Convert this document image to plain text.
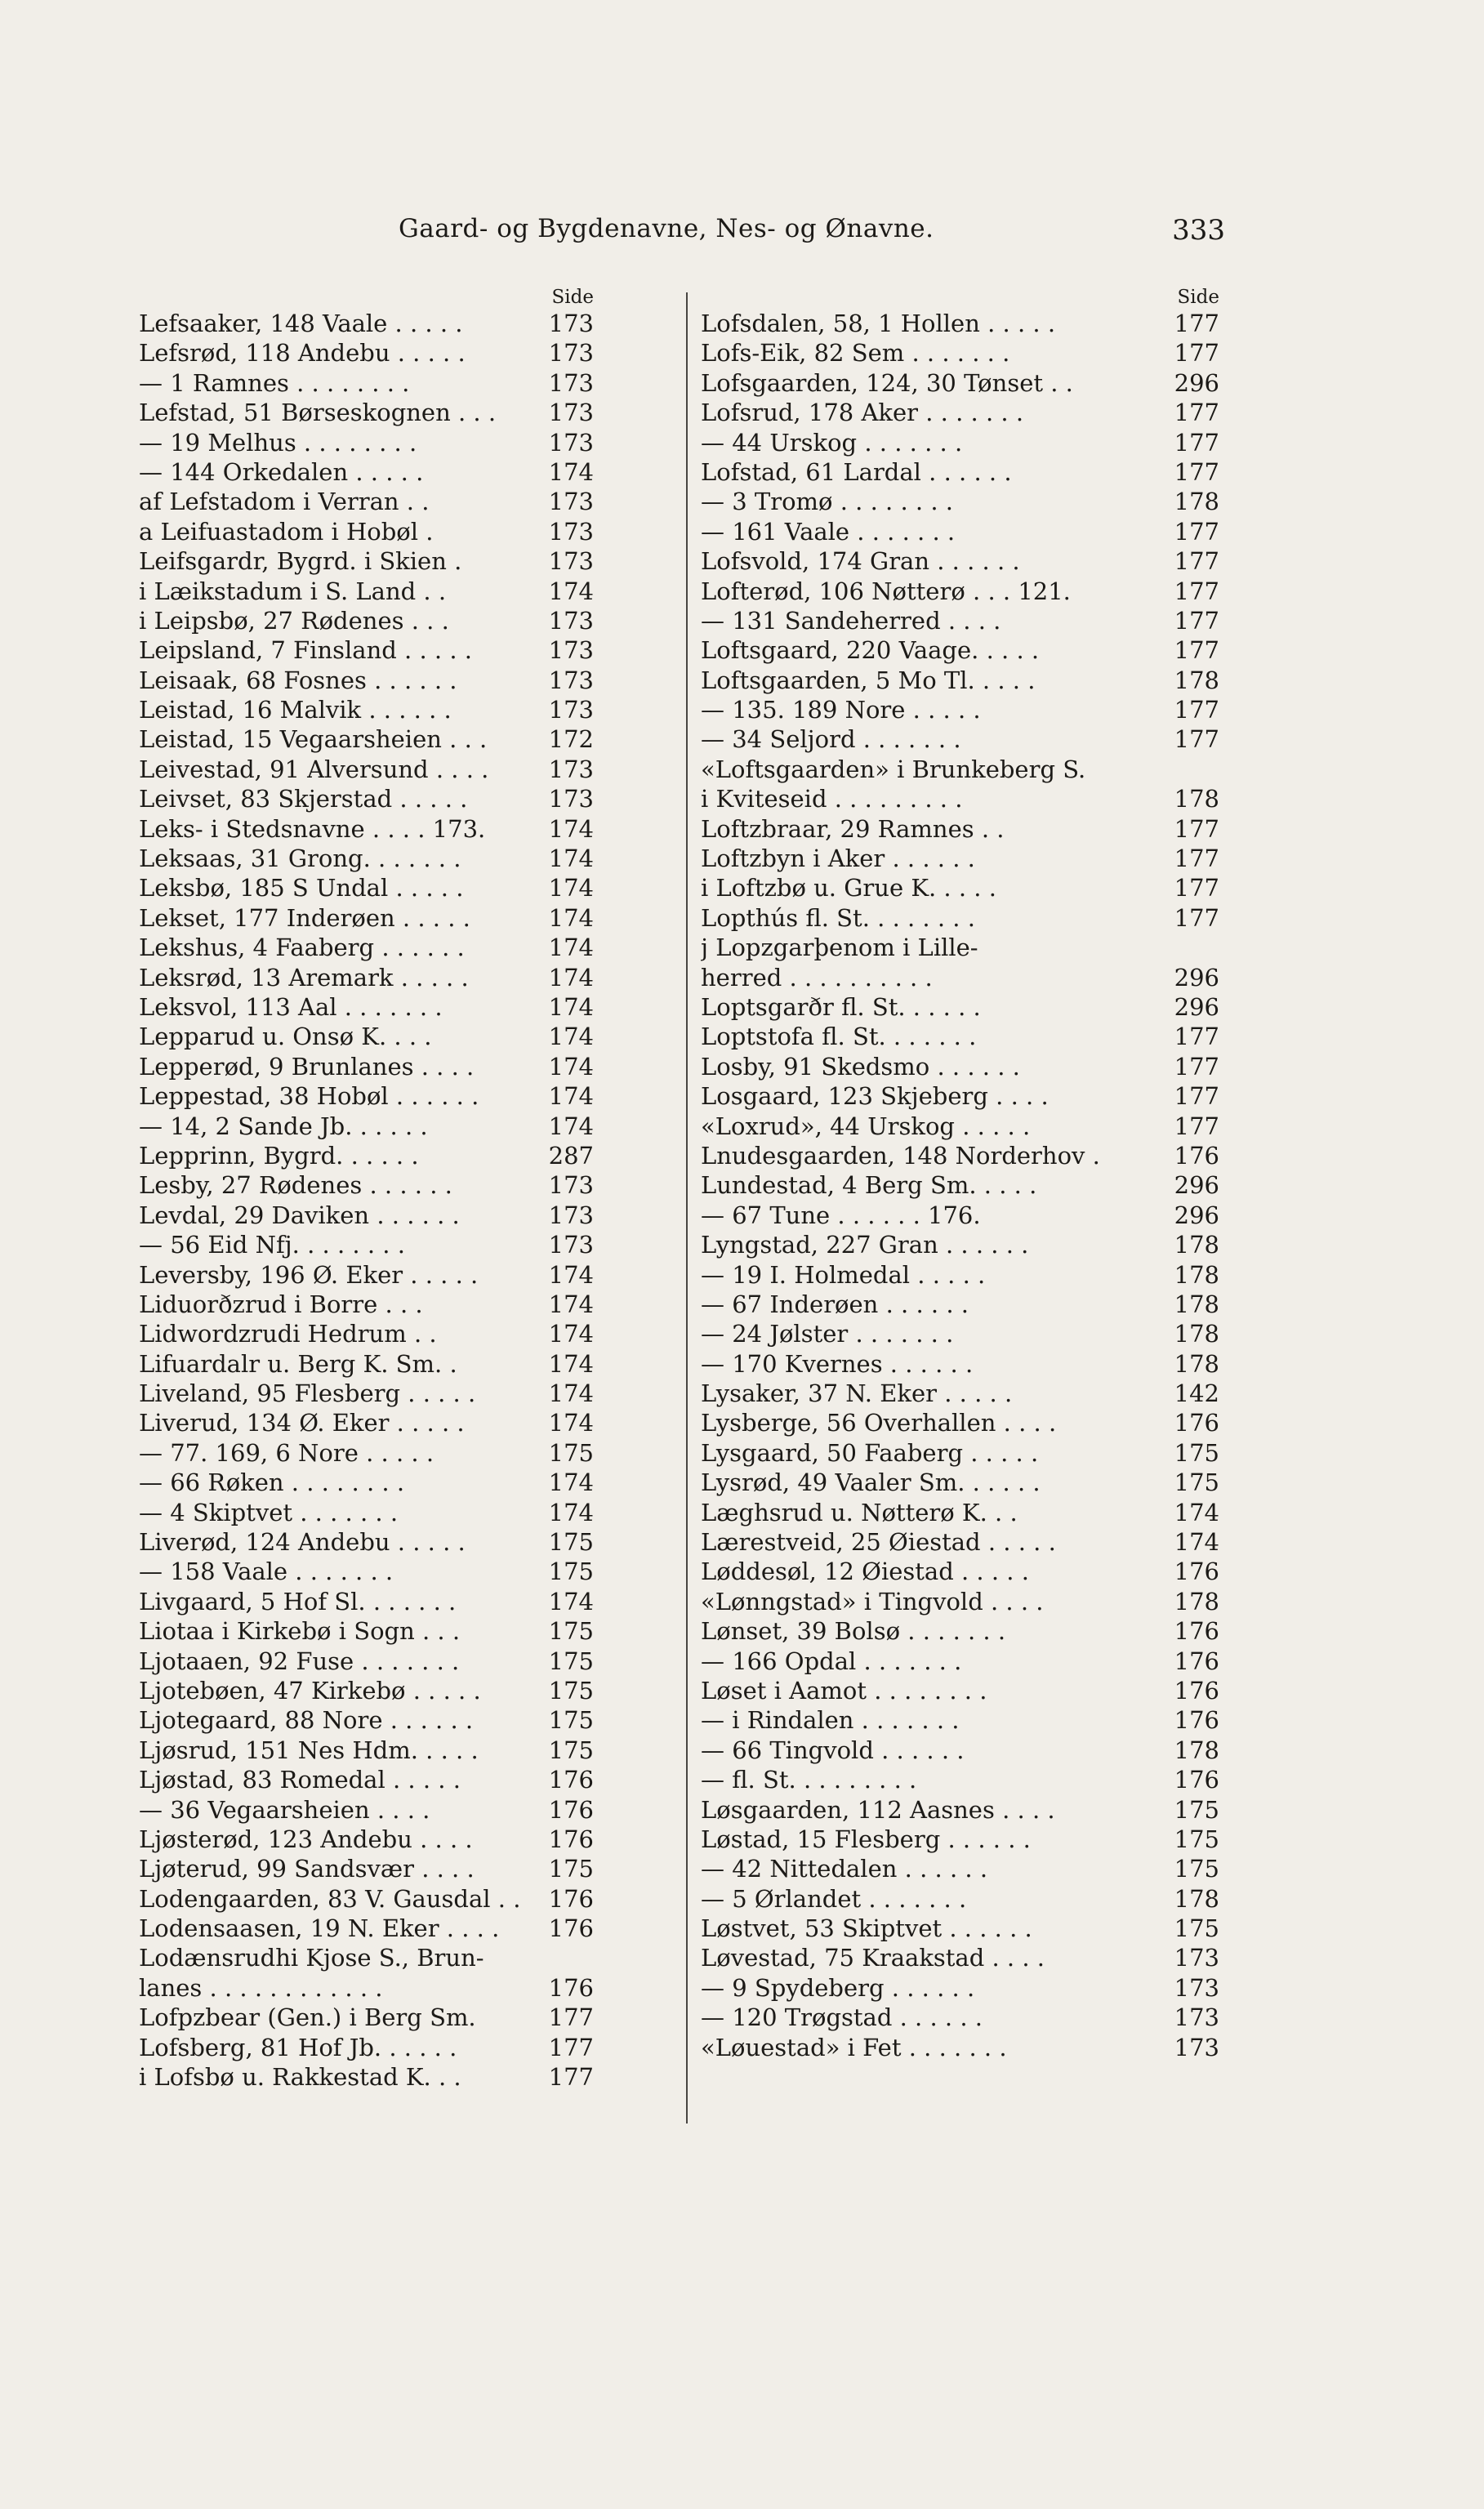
Gaard- og Bygdenavne, Nes- og Ønavne.	333
Side
Lefsaaker, 148 Vaale . . . . .	173
Lefsrød, 118 Andebu . . . . .	173
— 1 Ramnes . . . . . . . .	173
Lefstad, 51 Børseskognen . . .	173
— 19 Melhus . . . . . . . .	173
— 144 Orkedalen . . . . .	174
af Lefstadom i Verran . .	173
a Leifuastadom i Hobøl .	173
Leifsgardr, Bygrd. i Skien .	173
i Læikstadum i S. Land . .	174
i Leipsbø, 27 Rødenes . . .	173
Leipsland, 7 Finsland . . . . .	173
Leisaak, 68 Fosnes . . . . . .	173
Leistad, 16 Malvik . . . . . .	173
Leistad, 15 Vegaarsheien . . .	172
Leivestad, 91 Alversund . . . .	173
Leivset, 83 Skjerstad . . . . .	173
Leks- i Stedsnavne . . . . 173.	174
Leksaas, 31 Grong. . . . . . .	174
Leksbø, 185 S Undal . . . . .	174
Lekset, 177 Inderøen . . . . .	174
Lekshus, 4 Faaberg . . . . . .	174
Leksrød, 13 Aremark . . . . .	174
Leksvol, 113 Aal . . . . . . .	174
Lepparud u. Onsø K. . . .	174
Lepperød, 9 Brunlanes . . . .	174
Leppestad, 38 Hobøl . . . . . .	174
— 14, 2 Sande Jb. . . . . .	174
Lepprinn, Bygrd. . . . . .	287
Lesby, 27 Rødenes . . . . . .	173
Levdal, 29 Daviken . . . . . .	173
— 56 Eid Nfj. . . . . . . .	173
Leversby, 196 Ø. Eker . . . . .	174
Liduorðzrud i Borre . . .	174
Lidwordzrudi Hedrum . .	174
Lifuardalr u. Berg K. Sm. .	174
Liveland, 95 Flesberg . . . . .	174
Liverud, 134 Ø. Eker . . . . .	174
— 77. 169, 6 Nore . . . . .	175
— 66 Røken . . . . . . . .	174
— 4 Skiptvet . . . . . . .	174
Liverød, 124 Andebu . . . . .	175
— 158 Vaale . . . . . . .	175
Livgaard, 5 Hof Sl. . . . . . .	174
Liotaa i Kirkebø i Sogn . . .	175
Ljotaaen, 92 Fuse . . . . . . .	175
Ljotebøen, 47 Kirkebø . . . . .	175
Ljotegaard, 88 Nore . . . . . .	175
Ljøsrud, 151 Nes Hdm. . . . .	175
Ljøstad, 83 Romedal . . . . .	176
— 36 Vegaarsheien . . . .	176
Ljøsterød, 123 Andebu . . . .	176
Ljøterud, 99 Sandsvær . . . .	175
Lodengaarden, 83 V. Gausdal . .	176
Lodensaasen, 19 N. Eker . . . .	176
Lodænsrudhi Kjose S., Brun-
lanes . . . . . . . . . . . .	176
Lofpzbear (Gen.) i Berg Sm.	177
Lofsberg, 81 Hof Jb. . . . . .	177
i Lofsbø u. Rakkestad K. . .	177
Side
Lofsdalen, 58, 1 Hollen . . . . .	177
Lofs-Eik, 82 Sem . . . . . . .	177
Lofsgaarden, 124, 30 Tønset . .	296
Lofsrud, 178 Aker . . . . . . .	177
— 44 Urskog . . . . . . .	177
Lofstad, 61 Lardal . . . . . .	177
— 3 Tromø . . . . . . . .	178
— 161 Vaale . . . . . . .	177
Lofsvold, 174 Gran . . . . . .	177
Lofterød, 106 Nøtterø . . . 121.	177
— 131 Sandeherred . . . .	177
Loftsgaard, 220 Vaage. . . . .	177
Loftsgaarden, 5 Mo Tl. . . . .	178
— 135. 189 Nore . . . . .	177
— 34 Seljord . . . . . . .	177
«Loftsgaarden» i Brunkeberg S.
i Kviteseid . . . . . . . . .	178
Loftzbraar, 29 Ramnes . .	177
Loftzbyn i Aker . . . . . .	177
i Loftzbø u. Grue K. . . . .	177
Lopthús fl. St. . . . . . . .	177
j Lopzgarþenom i Lille-
herred . . . . . . . . . .	296
Loptsgarðr fl. St. . . . . .	296
Loptstofa fl. St. . . . . . .	177
Losby, 91 Skedsmo . . . . . .	177
Losgaard, 123 Skjeberg . . . .	177
«Loxrud», 44 Urskog . . . . .	177
Lnudesgaarden, 148 Norderhov .	176
Lundestad, 4 Berg Sm. . . . .	296
— 67 Tune . . . . . . 176.	296
Lyngstad, 227 Gran . . . . . .	178
— 19 I. Holmedal . . . . .	178
— 67 Inderøen . . . . . .	178
— 24 Jølster . . . . . . .	178
— 170 Kvernes . . . . . .	178
Lysaker, 37 N. Eker . . . . .	142
Lysberge, 56 Overhallen . . . .	176
Lysgaard, 50 Faaberg . . . . .	175
Lysrød, 49 Vaaler Sm. . . . . .	175
Læghsrud u. Nøtterø K. . .	174
Lærestveid, 25 Øiestad . . . . .	174
Løddesøl, 12 Øiestad . . . . .	176
«Lønngstad» i Tingvold . . . .	178
Lønset, 39 Bolsø . . . . . . .	176
— 166 Opdal . . . . . . .	176
Løset i Aamot . . . . . . . .	176
— i Rindalen . . . . . . .	176
— 66 Tingvold . . . . . .	178
— fl. St. . . . . . . . .	176
Løsgaarden, 112 Aasnes . . . .	175
Løstad, 15 Flesberg . . . . . .	175
— 42 Nittedalen . . . . . .	175
— 5 Ørlandet . . . . . . .	178
Løstvet, 53 Skiptvet . . . . . .	175
Løvestad, 75 Kraakstad . . . .	173
— 9 Spydeberg . . . . . .	173
— 120 Trøgstad . . . . . .	173
«Løuestad» i Fet . . . . . . .	173
